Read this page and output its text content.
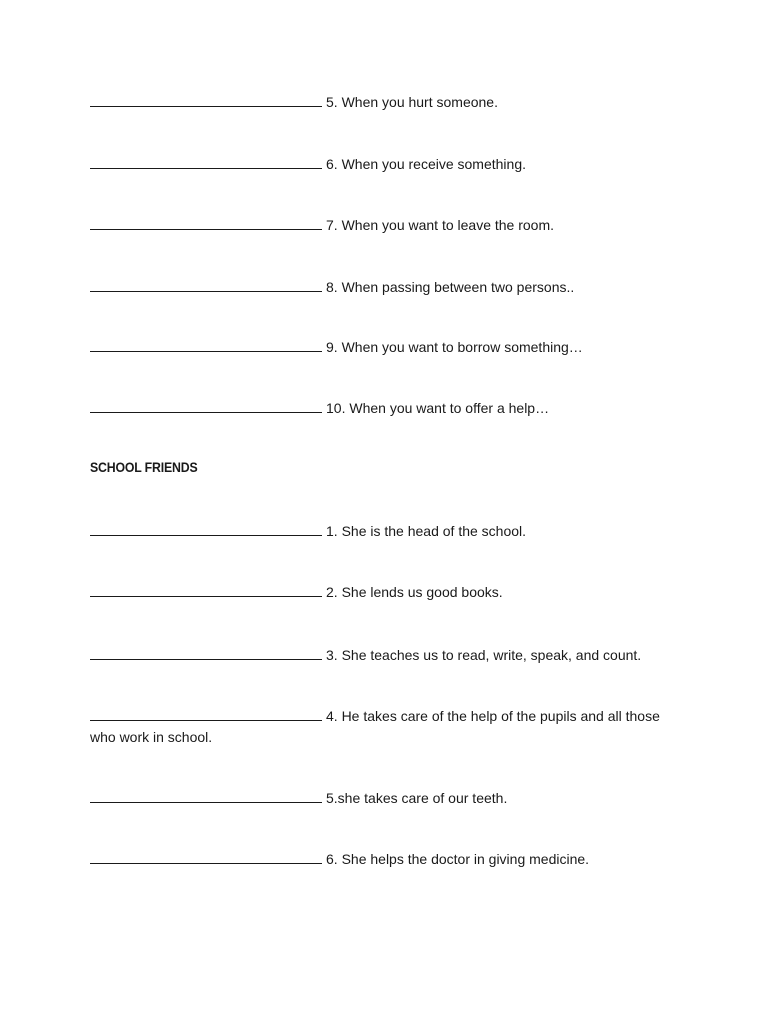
5. When you hurt someone.
6. When you receive something.
7. When you want to leave the room.
8. When passing between two persons..
9. When you want to borrow something…
10. When you want to offer a help…
SCHOOL FRIENDS
1. She is the head of the school.
2. She lends us good books.
3. She teaches us to read, write, speak, and count.
4. He takes care of the help of the pupils and all those who work in school.
5.she takes care of our teeth.
6. She helps the doctor in giving medicine.
